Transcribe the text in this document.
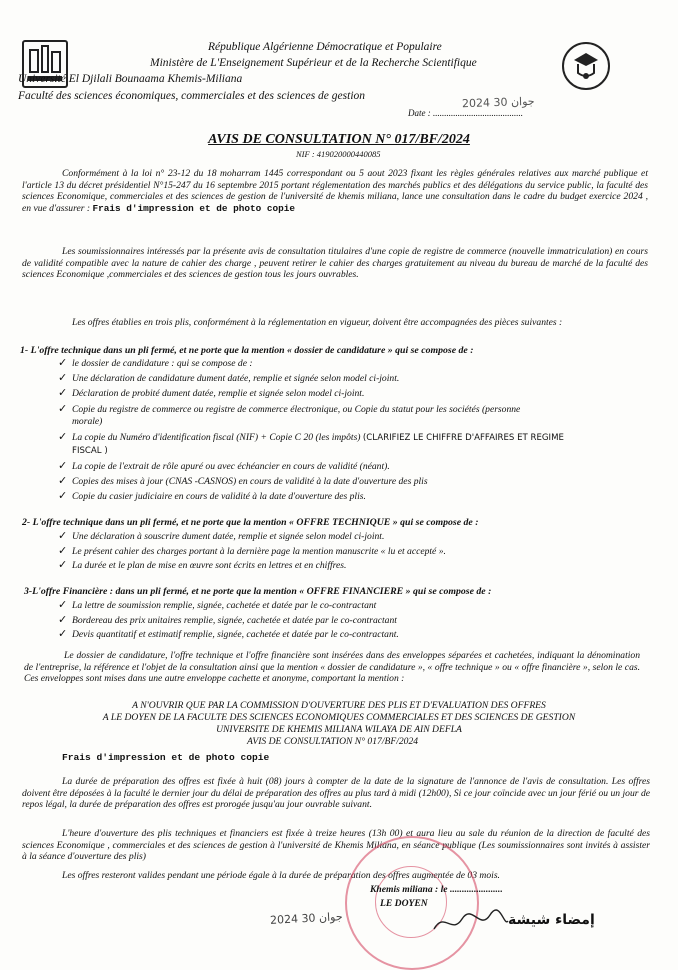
République Algérienne Démocratique et Populaire
Ministère de L'Enseignement Supérieur et de la Recherche Scientifique
Université El Djilali Bounaama Khemis-Miliana
Faculté des sciences économiques, commerciales et des sciences de gestion
Date : ........................................
2024 جوان 30
AVIS DE CONSULTATION N° 017/BF/2024
NIF : 419020000440085
Conformément à la loi n° 23-12 du 18 moharram 1445 correspondant ou 5 aout 2023 fixant les règles générales relatives aux marché publique et l'article 13 du décret présidentiel N°15-247 du 16 septembre 2015 portant réglementation des marchés publics et des délégations du service public, la faculté des sciences Economique, commerciales et des sciences de gestion de l'université de khemis miliana, lance une consultation dans le cadre du budget exercice 2024 , en vue d'assurer : Frais d'impression et de photo copie
Les soumissionnaires intéressés par la présente avis de consultation titulaires d'une copie de registre de commerce (nouvelle immatriculation) en cours de validité compatible avec la nature de cahier des charge , peuvent retirer le cahier des charges gratuitement au niveau du bureau de marché de la faculté des sciences Economique ,commerciales et des sciences de gestion tous les jours ouvrables.
Les offres établies en trois plis, conformément à la réglementation en vigueur, doivent être accompagnées des pièces suivantes :
1- L'offre technique dans un pli fermé, et ne porte que la mention « dossier de candidature » qui se compose de :
✓ le dossier de candidature : qui se compose de :
✓ Une déclaration de candidature dument datée, remplie et signée selon model ci-joint.
✓ Déclaration de probité dument datée, remplie et signée selon model ci-joint.
✓ Copie du registre de commerce ou registre de commerce électronique, ou Copie du statut pour les sociétés (personne
morale)
✓ La copie du Numéro d'identification fiscal (NIF) + Copie C 20 (les impôts) (CLARIFIEZ LE CHIFFRE D'AFFAIRES ET REGIME
FISCAL )
✓ La copie de l'extrait de rôle apuré ou avec échéancier en cours de validité (néant).
✓ Copies des mises à jour (CNAS -CASNOS) en cours de validité à la date d'ouverture des plis
✓ Copie du casier judiciaire en cours de validité à la date d'ouverture des plis.
2- L'offre technique dans un pli fermé, et ne porte que la mention « OFFRE TECHNIQUE » qui se compose de :
✓ Une déclaration à souscrire dument datée, remplie et signée selon model ci-joint.
✓ Le présent cahier des charges portant à la dernière page la mention manuscrite « lu et accepté ».
✓ La durée et le plan de mise en œuvre sont écrits en lettres et en chiffres.
3-L'offre Financière : dans un pli fermé, et ne porte que la mention « OFFRE FINANCIERE » qui se compose de :
✓ La lettre de soumission remplie, signée, cachetée et datée par le co-contractant
✓ Bordereau des prix unitaires remplie, signée, cachetée et datée par le co-contractant
✓ Devis quantitatif et estimatif remplie, signée, cachetée et datée par le co-contractant.
Le dossier de candidature, l'offre technique et l'offre financière sont insérées dans des enveloppes séparées et cachetées, indiquant la dénomination de l'entreprise, la référence et l'objet de la consultation ainsi que la mention « dossier de candidature », « offre technique » ou « offre financière », selon le cas. Ces enveloppes sont mises dans une autre enveloppe cachette et anonyme, comportant la mention :
A N'OUVRIR QUE PAR LA COMMISSION D'OUVERTURE DES PLIS ET D'EVALUATION DES OFFRES
A LE DOYEN DE LA FACULTE DES SCIENCES ECONOMIQUES COMMERCIALES ET DES SCIENCES DE GESTION
UNIVERSITE DE KHEMIS MILIANA WILAYA DE AIN DEFLA
AVIS DE CONSULTATION N° 017/BF/2024
Frais d'impression et de photo copie
La durée de préparation des offres est fixée à huit (08) jours à compter de la date de la signature de l'annonce de l'avis de consultation. Les offres doivent être déposées à la faculté le dernier jour du délai de préparation des offres au plus tard à midi (12h00), Si ce jour coïncide avec un jour férié ou un jour de repos légal, la durée de préparation des offres est prorogée jusqu'au jour ouvrable suivant.
L'heure d'ouverture des plis techniques et financiers est fixée à treize heures (13h 00) et aura lieu au sale du réunion de la direction de faculté des sciences Economique , commerciales et des sciences de gestion à l'université de Khemis Miliana, en séance publique (Les soumissionnaires sont invités à assister à la séance d'ouverture des plis)
Les offres resteront valides pendant une période égale à la durée de préparation des offres augmentée de 03 mois.
Khemis miliana : le ......................
LE DOYEN
2024 جوان 30	إمضاء شيشة
